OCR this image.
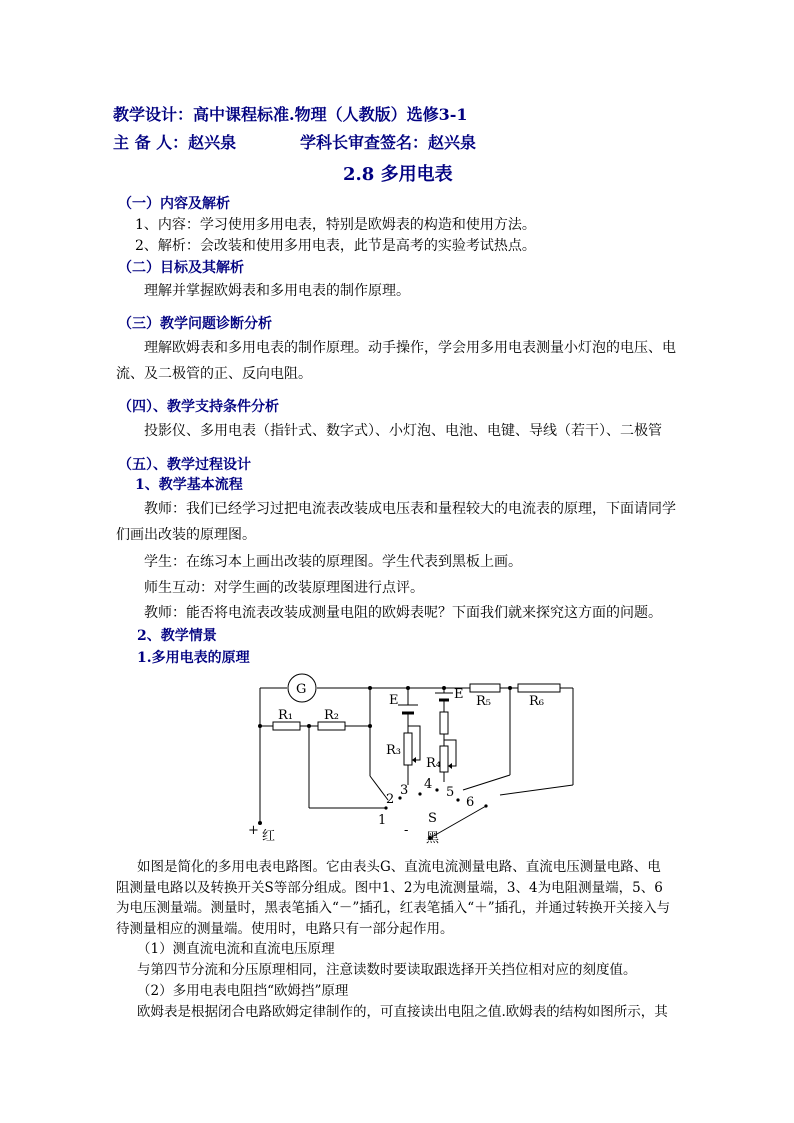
教学设计：高中课程标准.物理（人教版）选修3-1
主 备 人：赵兴泉	学科长审查签名：赵兴泉
2.8 多用电表
（一）内容及解析
1、内容：学习使用多用电表，特别是欧姆表的构造和使用方法。
2、解析：会改装和使用多用电表，此节是高考的实验考试热点。
（二）目标及其解析
理解并掌握欧姆表和多用电表的制作原理。
（三）教学问题诊断分析
理解欧姆表和多用电表的制作原理。动手操作，学会用多用电表测量小灯泡的电压、电
流、及二极管的正、反向电阻。
（四）、教学支持条件分析
投影仪、多用电表（指针式、数字式）、小灯泡、电池、电键、导线（若干）、二极管
（五）、教学过程设计
1、教学基本流程
教师：我们已经学习过把电流表改装成电压表和量程较大的电流表的原理，下面请同学
们画出改装的原理图。
学生：在练习本上画出改装的原理图。学生代表到黑板上画。
师生互动：对学生画的改装原理图进行点评。
教师：能否将电流表改装成测量电阻的欧姆表呢？下面我们就来探究这方面的问题。
2、教学情景
1.多用电表的原理
G
R₁ R₂
R₅	R₆
R₃
R₄
E	E
1
2
3 4
5
6
S
+ 红	-
黑
如图是简化的多用电表电路图。它由表头G、直流电流测量电路、直流电压测量电路、电
阻测量电路以及转换开关S等部分组成。图中1、2为电流测量端，3、4为电阻测量端，5、6
为电压测量端。测量时，黑表笔插入“－”插孔，红表笔插入“＋”插孔，并通过转换开关接入与
待测量相应的测量端。使用时，电路只有一部分起作用。
（1）测直流电流和直流电压原理
与第四节分流和分压原理相同，注意读数时要读取跟选择开关挡位相对应的刻度值。
（2）多用电表电阻挡“欧姆挡”原理
欧姆表是根据闭合电路欧姆定律制作的，可直接读出电阻之值.欧姆表的结构如图所示，其
